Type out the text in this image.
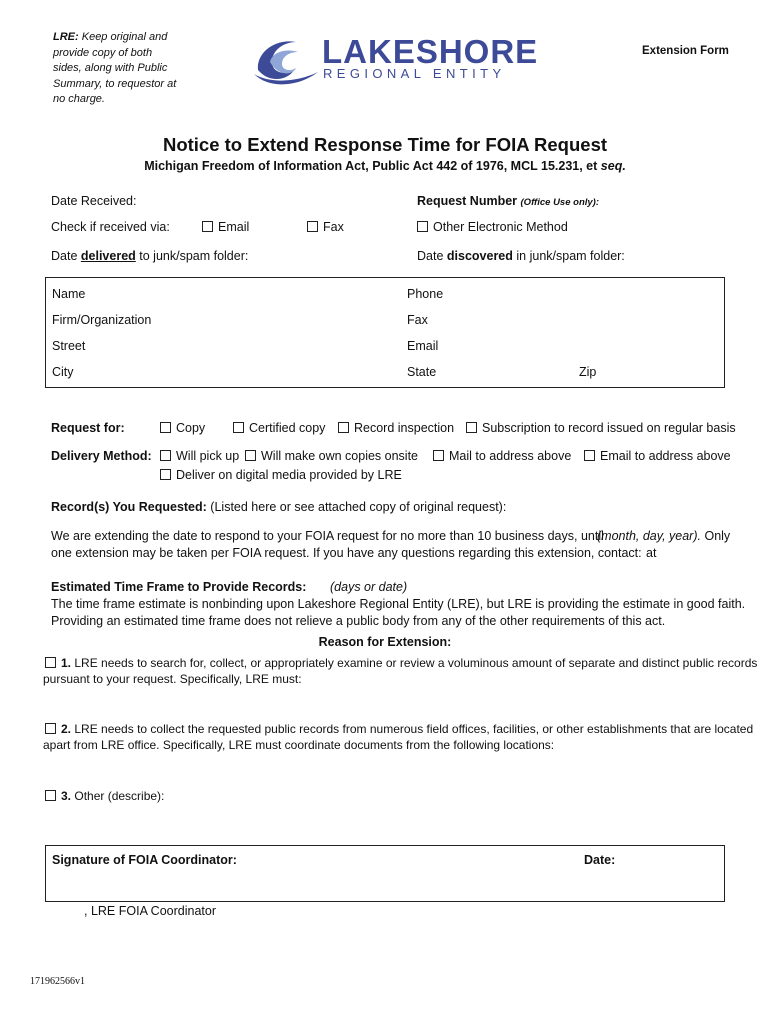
LRE: Keep original and provide copy of both sides, along with Public Summary, to requestor at no charge.
LAKESHORE
REGIONAL ENTITY
Extension Form
Notice to Extend Response Time for FOIA Request
Michigan Freedom of Information Act, Public Act 442 of 1976, MCL 15.231, et seq.
Date Received:	Request Number (Office Use only):
Check if received via:	Email	Fax	Other Electronic Method
Date delivered to junk/spam folder:	Date discovered in junk/spam folder:
Name	Phone
Firm/Organization	Fax
Street	Email
City	State	Zip
Request for:	Copy	Certified copy	Record inspection	Subscription to record issued on regular basis
Delivery Method:	Will pick up	Will make own copies onsite	Mail to address above	Email to address above
Deliver on digital media provided by LRE
Record(s) You Requested: (Listed here or see attached copy of original request):
We are extending the date to respond to your FOIA request for no more than 10 business days, until
(month, day, year). Only
one extension may be taken per FOIA request. If you have any questions regarding this extension, contact: at
Estimated Time Frame to Provide Records: (days or date)
The time frame estimate is nonbinding upon Lakeshore Regional Entity (LRE), but LRE is providing the estimate in good faith.
Providing an estimated time frame does not relieve a public body from any of the other requirements of this act.
Reason for Extension:
1. LRE needs to search for, collect, or appropriately examine or review a voluminous amount of separate and distinct public records
pursuant to your request. Specifically, LRE must:
2. LRE needs to collect the requested public records from numerous field offices, facilities, or other establishments that are located
apart from LRE office. Specifically, LRE must coordinate documents from the following locations:
3. Other (describe):
Signature of FOIA Coordinator:	Date:
, LRE FOIA Coordinator
171962566v1
